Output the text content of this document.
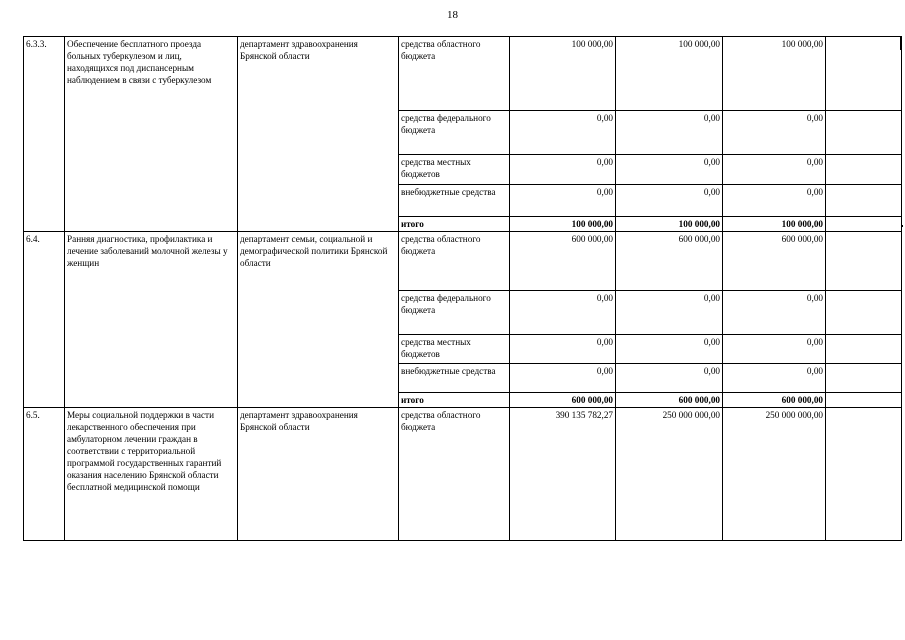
18
6.3.3.	Обеспечение бесплатного проезда больных туберкулезом и лиц, находящихся под диспансерным наблюдением в связи с туберкулезом	департамент здравоохранения Брянской области	средства областного бюджета	100 000,00	100 000,00	100 000,00	
			средства федерального бюджета	0,00	0,00	0,00	
			средства местных бюджетов	0,00	0,00	0,00	
			внебюджетные средства	0,00	0,00	0,00	
			итого	100 000,00	100 000,00	100 000,00	
6.4.	Ранняя диагностика, профилактика и лечение заболеваний молочной железы у женщин	департамент семьи, социальной и демографической политики Брянской области	средства областного бюджета	600 000,00	600 000,00	600 000,00	
			средства федерального бюджета	0,00	0,00	0,00	
			средства местных бюджетов	0,00	0,00	0,00	
			внебюджетные средства	0,00	0,00	0,00	
			итого	600 000,00	600 000,00	600 000,00	
6.5.	Меры социальной поддержки в части лекарственного обеспечения при амбулаторном лечении граждан в соответствии с территориальной программой государственных гарантий оказания населению Брянской области бесплатной медицинской помощи	департамент здравоохранения Брянской области	средства областного бюджета	390 135 782,27	250 000 000,00	250 000 000,00	
